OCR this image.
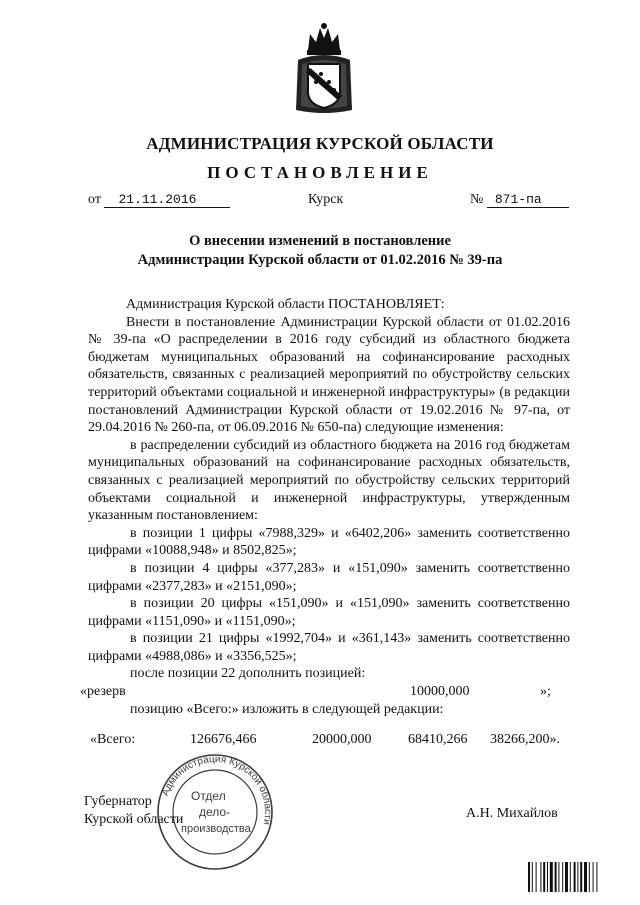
АДМИНИСТРАЦИЯ КУРСКОЙ ОБЛАСТИ
ПОСТАНОВЛЕНИЕ
от 21.11.2016	Курск	№ 871-па
О внесении изменений в постановление
Администрации Курской области от 01.02.2016 № 39-па

Администрация Курской области ПОСТАНОВЛЯЕТ:

Внести в постановление Администрации Курской области от 01.02.2016 № 39-па «О распределении в 2016 году субсидий из областного бюджета бюджетам муниципальных образований на софинансирование расходных обязательств, связанных с реализацией мероприятий по обустройству сельских территорий объектами социальной и инженерной инфраструктуры» (в редакции постановлений Администрации Курской области от 19.02.2016 № 97-па, от 29.04.2016 № 260-па, от 06.09.2016 № 650-па) следующие изменения:

в распределении субсидий из областного бюджета на 2016 год бюджетам муниципальных образований на софинансирование расходных обязательств, связанных с реализацией мероприятий по обустройству сельских территорий объектами социальной и инженерной инфраструктуры, утвержденным указанным постановлением:

в позиции 1 цифры «7988,329» и «6402,206» заменить соответственно цифрами «10088,948» и 8502,825»;

в позиции 4 цифры «377,283» и «151,090» заменить соответственно цифрами «2377,283» и «2151,090»;

в позиции 20 цифры «151,090» и «151,090» заменить соответственно цифрами «1151,090» и «1151,090»;

в позиции 21 цифры «1992,704» и «361,143» заменить соответственно цифрами «4988,086» и «3356,525»;

после позиции 22 дополнить позицией:

«резерв	10000,000	»;

позицию «Всего:» изложить в следующей редакции:

«Всего:	126676,466	20000,000	68410,266 38266,200».
Губернатор
Курской области	А.Н. Михайлов
Администрация Курской области
Отдел
дело-
производства
